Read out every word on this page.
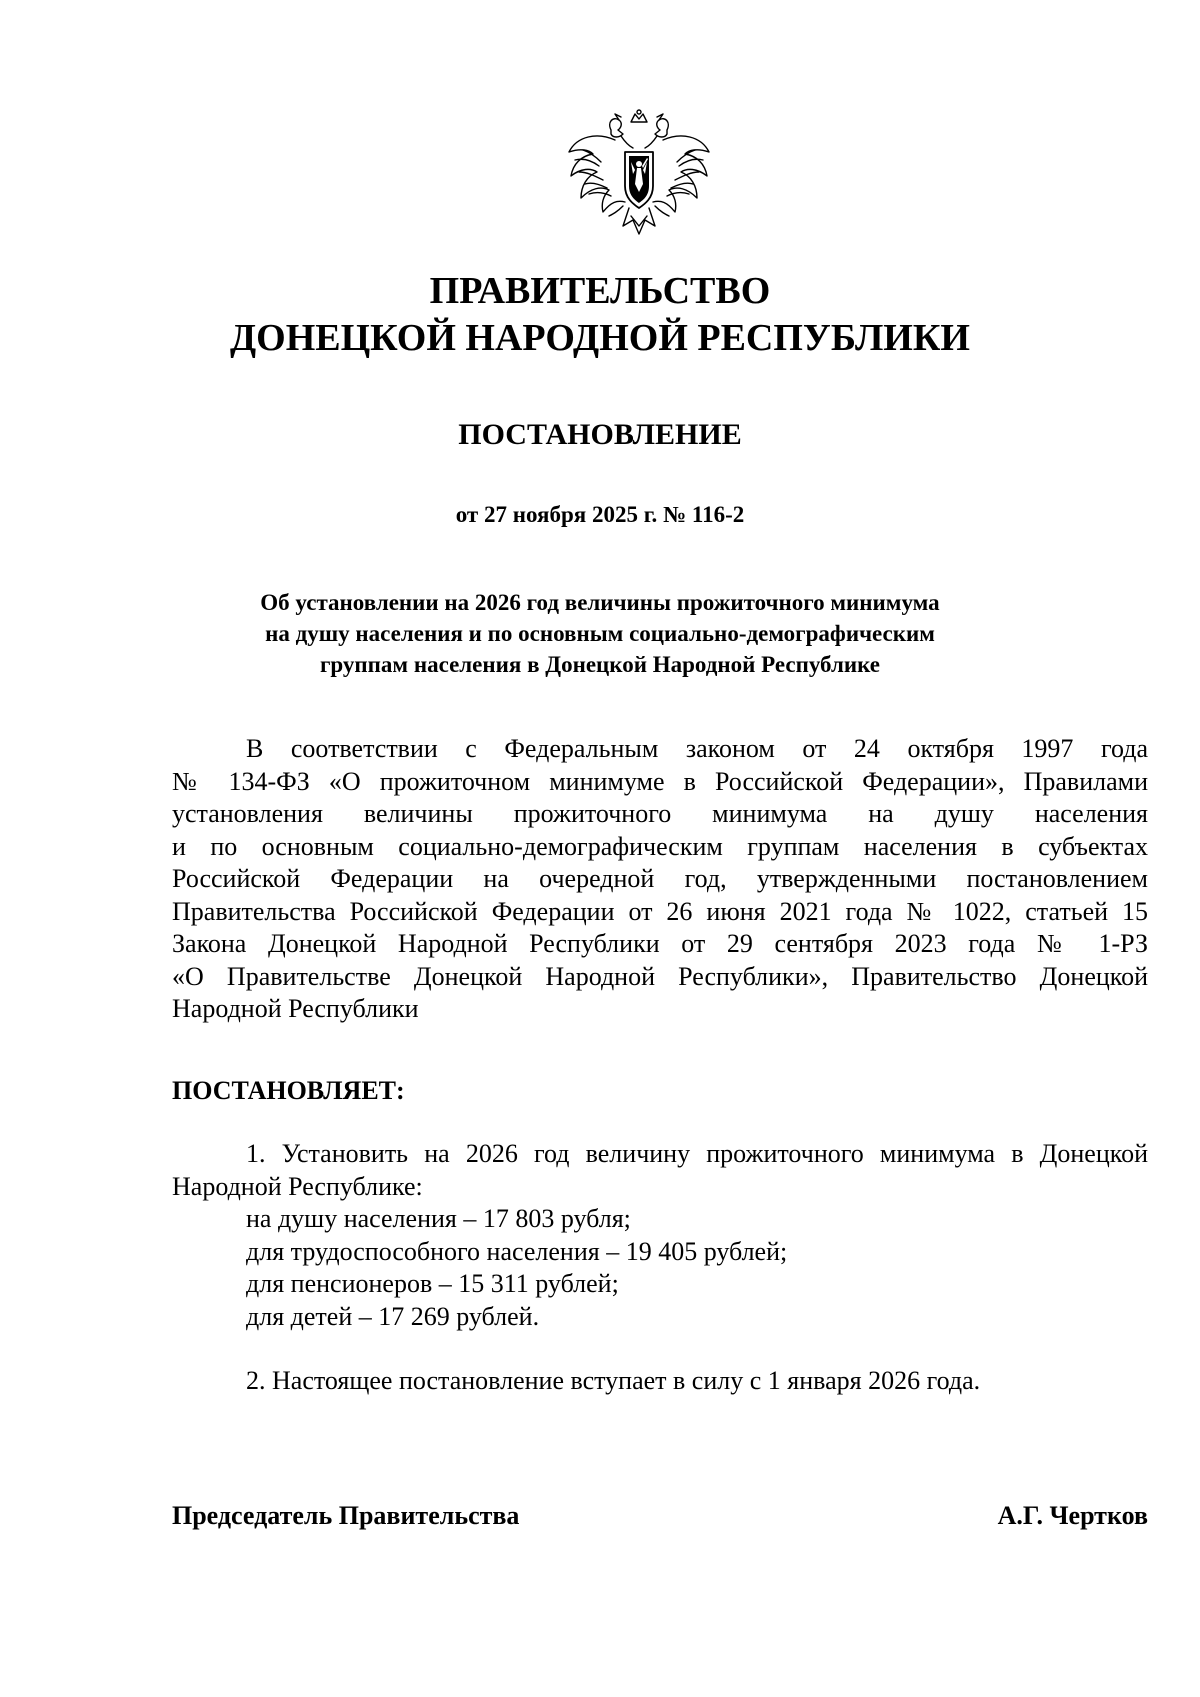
ПРАВИТЕЛЬСТВО
ДОНЕЦКОЙ НАРОДНОЙ РЕСПУБЛИКИ
ПОСТАНОВЛЕНИЕ
от 27 ноября 2025 г. № 116-2
Об установлении на 2026 год величины прожиточного минимума
на душу населения и по основным социально-демографическим
группам населения в Донецкой Народной Республике
В соответствии с Федеральным законом от 24 октября 1997 года
№ 134-ФЗ «О прожиточном минимуме в Российской Федерации», Правилами
установления величины прожиточного минимума на душу населения
и по основным социально-демографическим группам населения в субъектах
Российской Федерации на очередной год, утвержденными постановлением
Правительства Российской Федерации от 26 июня 2021 года № 1022, статьей 15
Закона Донецкой Народной Республики от 29 сентября 2023 года № 1-РЗ
«О Правительстве Донецкой Народной Республики», Правительство Донецкой
Народной Республики
ПОСТАНОВЛЯЕТ:
1. Установить на 2026 год величину прожиточного минимума в Донецкой
Народной Республике:
на душу населения – 17 803 рубля;
для трудоспособного населения – 19 405 рублей;
для пенсионеров – 15 311 рублей;
для детей – 17 269 рублей.
2. Настоящее постановление вступает в силу с 1 января 2026 года.
Председатель Правительства	А.Г. Чертков
